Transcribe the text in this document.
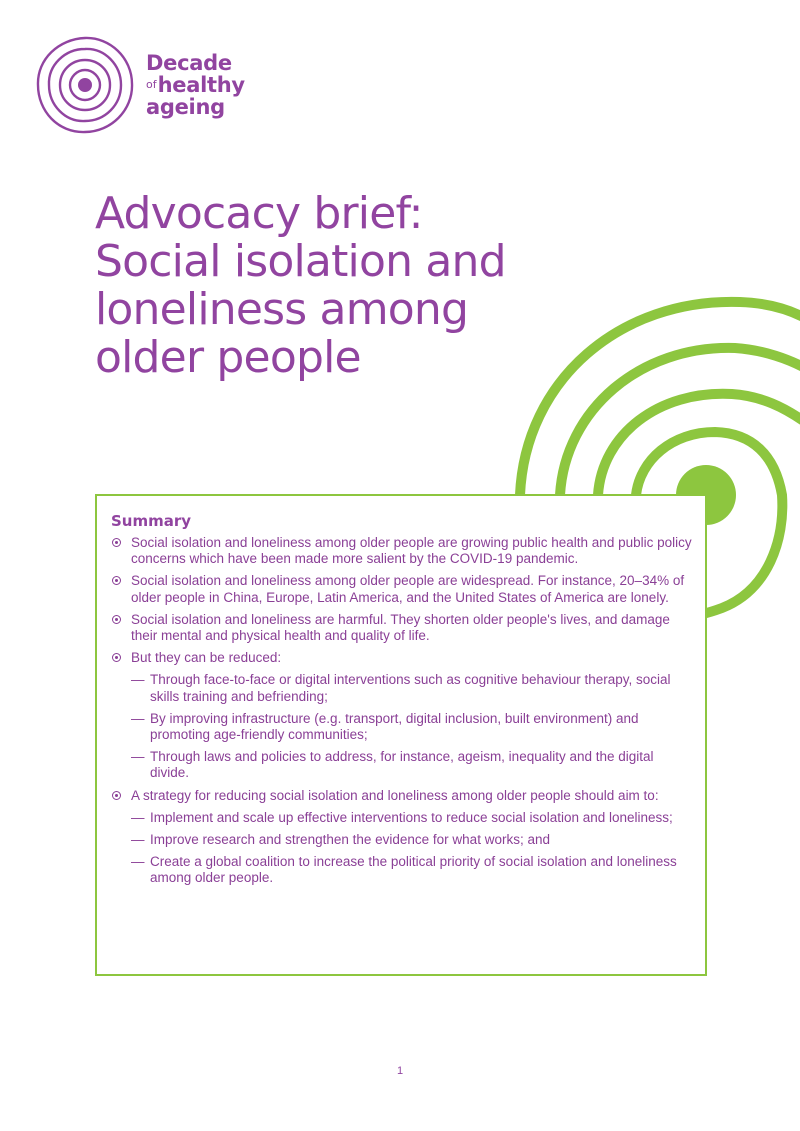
Decade
ofhealthy
ageing
Advocacy brief:
Social isolation and
loneliness among
older people
Summary
Social isolation and loneliness among older people are growing public health and public policy concerns which have been made more salient by the COVID-19 pandemic.
Social isolation and loneliness among older people are widespread. For instance, 20–34% of older people in China, Europe, Latin America, and the United States of America are lonely.
Social isolation and loneliness are harmful. They shorten older people's lives, and damage their mental and physical health and quality of life.
But they can be reduced:
— Through face-to-face or digital interventions such as cognitive behaviour therapy, social skills training and befriending;
— By improving infrastructure (e.g. transport, digital inclusion, built environment) and promoting age-friendly communities;
— Through laws and policies to address, for instance, ageism, inequality and the digital divide.
A strategy for reducing social isolation and loneliness among older people should aim to:
— Implement and scale up effective interventions to reduce social isolation and loneliness;
— Improve research and strengthen the evidence for what works; and
— Create a global coalition to increase the political priority of social isolation and loneliness among older people.
1
